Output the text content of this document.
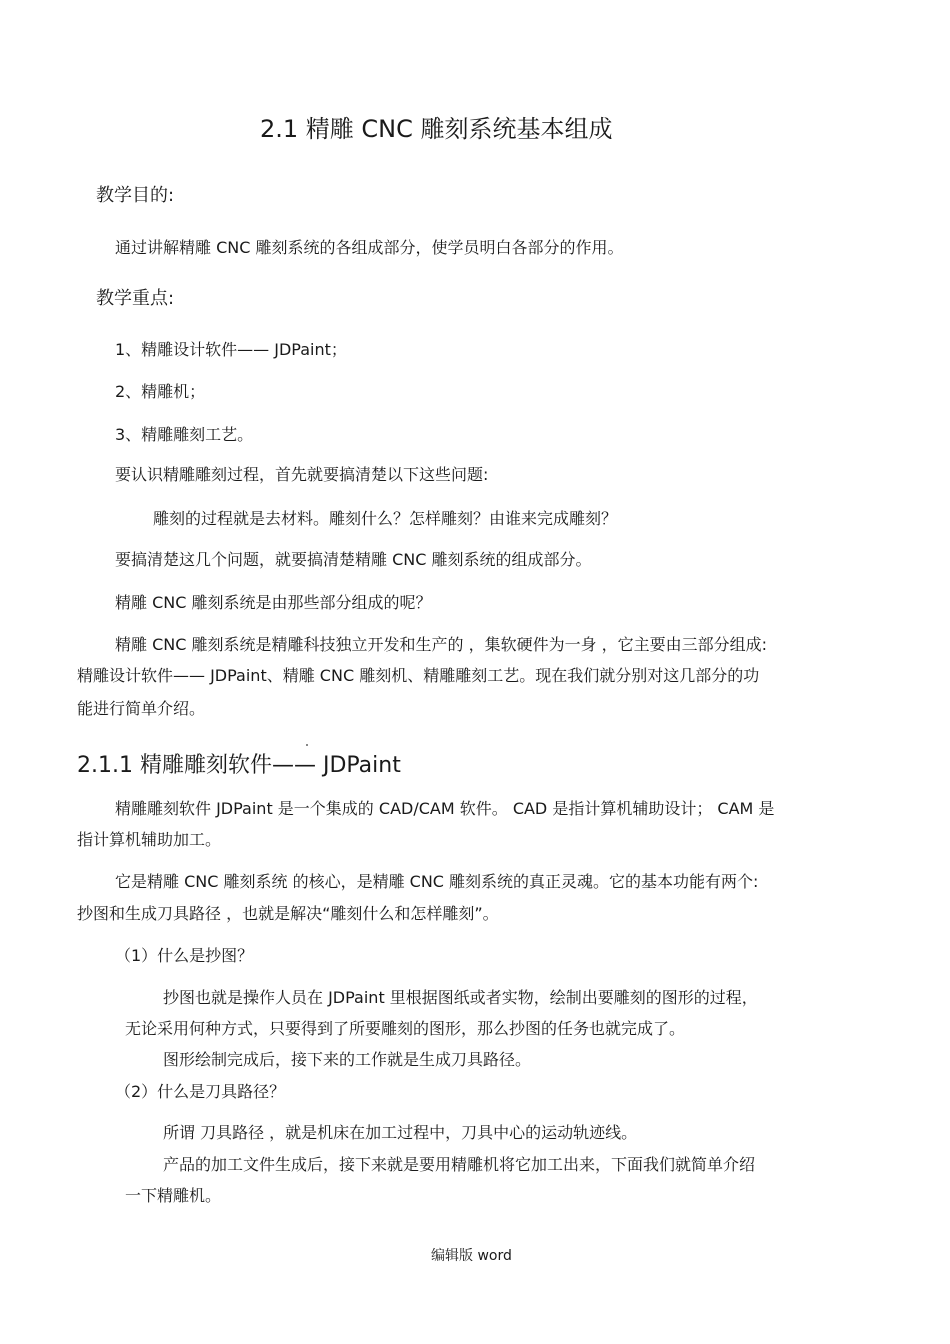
2.1 精雕 CNC 雕刻系统基本组成
教学目的:
通过讲解精雕 CNC 雕刻系统的各组成部分，使学员明白各部分的作用。
教学重点:
1、精雕设计软件—— JDPaint；
2、精雕机；
3、精雕雕刻工艺。
要认识精雕雕刻过程，首先就要搞清楚以下这些问题:
雕刻的过程就是去材料。雕刻什么？怎样雕刻？由谁来完成雕刻？
要搞清楚这几个问题，就要搞清楚精雕 CNC 雕刻系统的组成部分。
精雕 CNC 雕刻系统是由那些部分组成的呢？
精雕 CNC 雕刻系统是精雕科技独立开发和生产的 ，集软硬件为一身 ，它主要由三部分组成:
精雕设计软件—— JDPaint、精雕 CNC 雕刻机、精雕雕刻工艺。现在我们就分别对这几部分的功
能进行简单介绍。
2.1.1 精雕雕刻软件—— JDPaint
精雕雕刻软件 JDPaint 是一个集成的 CAD/CAM 软件。 CAD 是指计算机辅助设计； CAM 是
指计算机辅助加工。
它是精雕 CNC 雕刻系统 的核心，是精雕 CNC 雕刻系统的真正灵魂。它的基本功能有两个:
抄图和生成刀具路径 ，也就是解决“雕刻什么和怎样雕刻”。
（1）什么是抄图？
抄图也就是操作人员在 JDPaint 里根据图纸或者实物，绘制出要雕刻的图形的过程，
无论采用何种方式，只要得到了所要雕刻的图形，那么抄图的任务也就完成了。
图形绘制完成后，接下来的工作就是生成刀具路径。
（2）什么是刀具路径？
所谓 刀具路径 ，就是机床在加工过程中，刀具中心的运动轨迹线。
产品的加工文件生成后，接下来就是要用精雕机将它加工出来，下面我们就简单介绍
一下精雕机。
编辑版 word
